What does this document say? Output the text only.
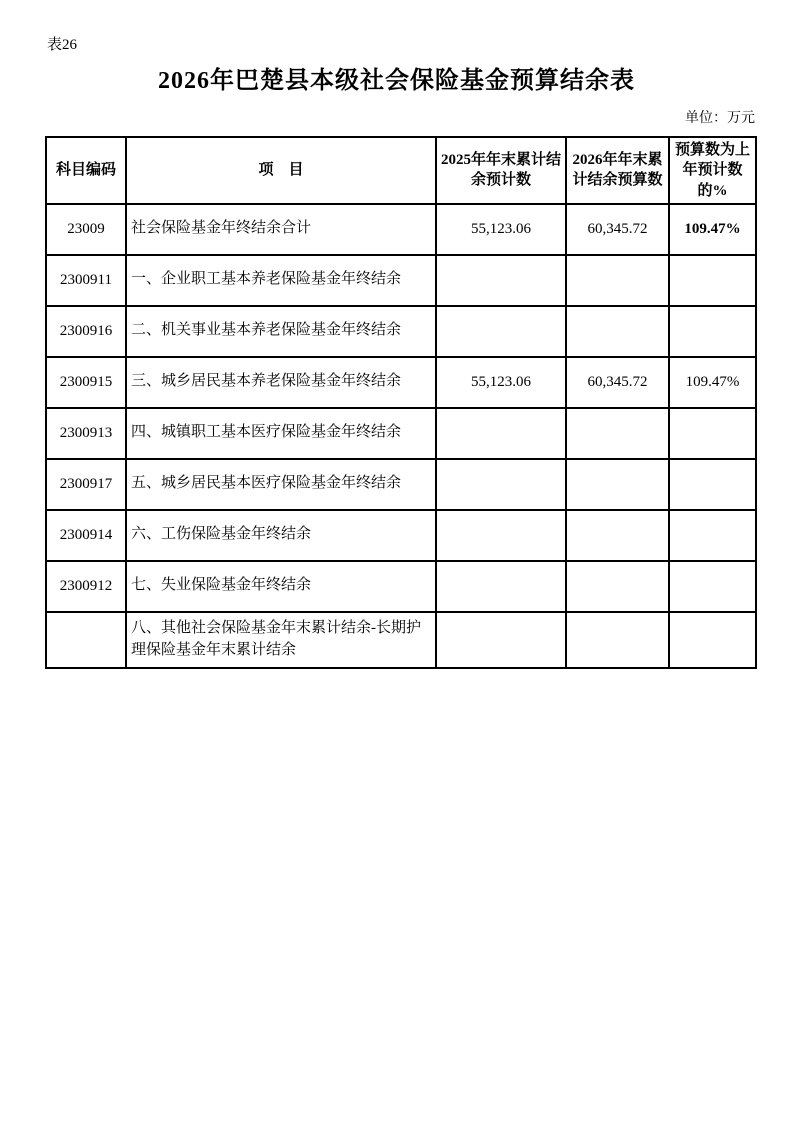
表26
2026年巴楚县本级社会保险基金预算结余表
单位：万元
科目编码	项　目	2025年年末累计结余预计数	2026年年末累计结余预算数	预算数为上年预计数的%
23009	社会保险基金年终结余合计	55,123.06	60,345.72	109.47%
2300911	一、企业职工基本养老保险基金年终结余			
2300916	二、机关事业基本养老保险基金年终结余			
2300915	三、城乡居民基本养老保险基金年终结余	55,123.06	60,345.72	109.47%
2300913	四、城镇职工基本医疗保险基金年终结余			
2300917	五、城乡居民基本医疗保险基金年终结余			
2300914	六、工伤保险基金年终结余			
2300912	七、失业保险基金年终结余			
	八、其他社会保险基金年末累计结余-长期护理保险基金年末累计结余			
